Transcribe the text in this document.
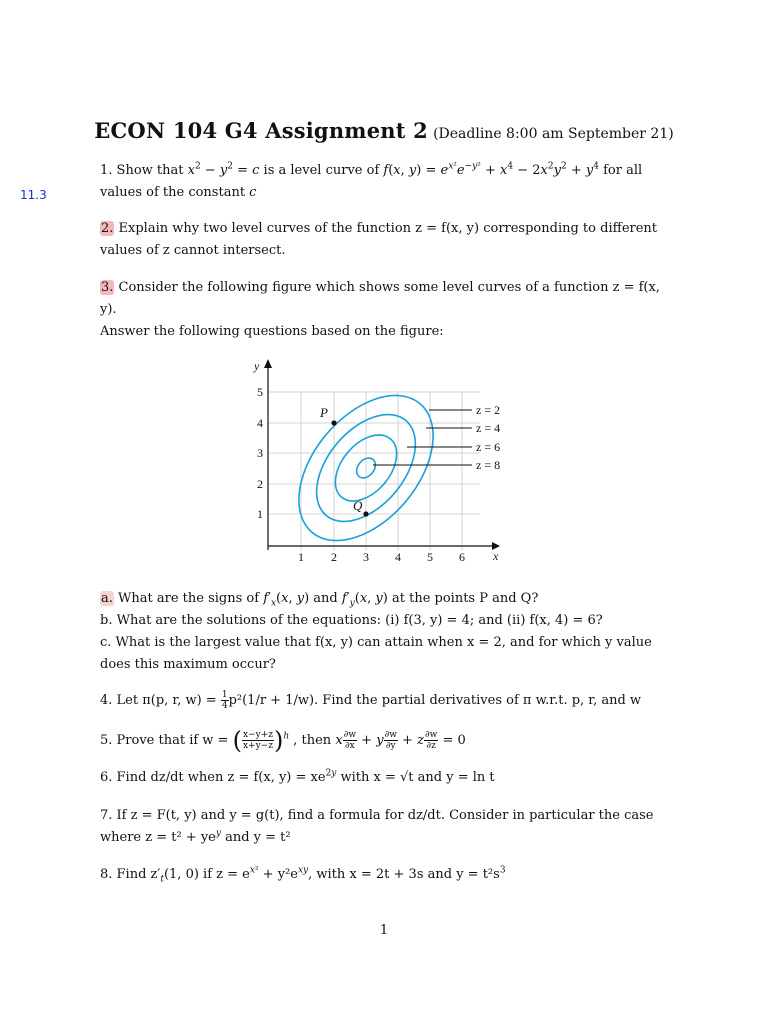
ECON 104 G4 Assignment 2 (Deadline 8:00 am September 21)
11.3
1. Show that $x^2 - y^2 = c$ is a level curve of f(x, $y) = e^{x^2}e^{-y^2} + x^4 - 2x^2y^2 + y^4$ for all
values of the constant c
2. Explain why two level curves of the function z = f(x, y) corresponding to different
values of z cannot intersect.
3. Consider the following figure which shows some level curves of a function z = f(x, y).
Answer the following questions based on the figure:
y
x
1 2 3 4 5 6
1
2
3
4
5
z = 2
z = 4
z = 6
z = 8
P
Q
a. What are the signs of $f'_x(x$, y) and $f'_y(x$, y) at the points P and Q?
b. What are the solutions of the equations: (i) f(3, y) = 4; and (ii) f(x, 4) = 6?
c. What is the largest value that f(x, y) can attain when x = 2, and for which y value
does this maximum occur?
4. Let π(p, r, $w) = \frac{1}{4} p^2(1/r + 1/w)$. Find the partial derivatives of π w.r.t. p, r, and w
5. Prove that if w = ( $\frac{x-y+z}{x+y-z} )^h$ , then x $\frac{\partial w}{\partial x} + y \frac{\partial w}{\partial y} + z \frac{\partial w}{\partial z} = 0$
6. Find dz/dt when z = f(x, $y) = xe^{2y}$ with x = √t and y = ln t
7. If z = F(t, y) and y = g(t), find a formula for dz/dt. Consider in particular the case
where $z = t^2 + ye^y$ and y = t²
8. Find $z'_t(1$, 0) if $z = e^{x^2} + y^2e^{xy}$, with x = 2t + 3s and $y = t^2s^3$
1
